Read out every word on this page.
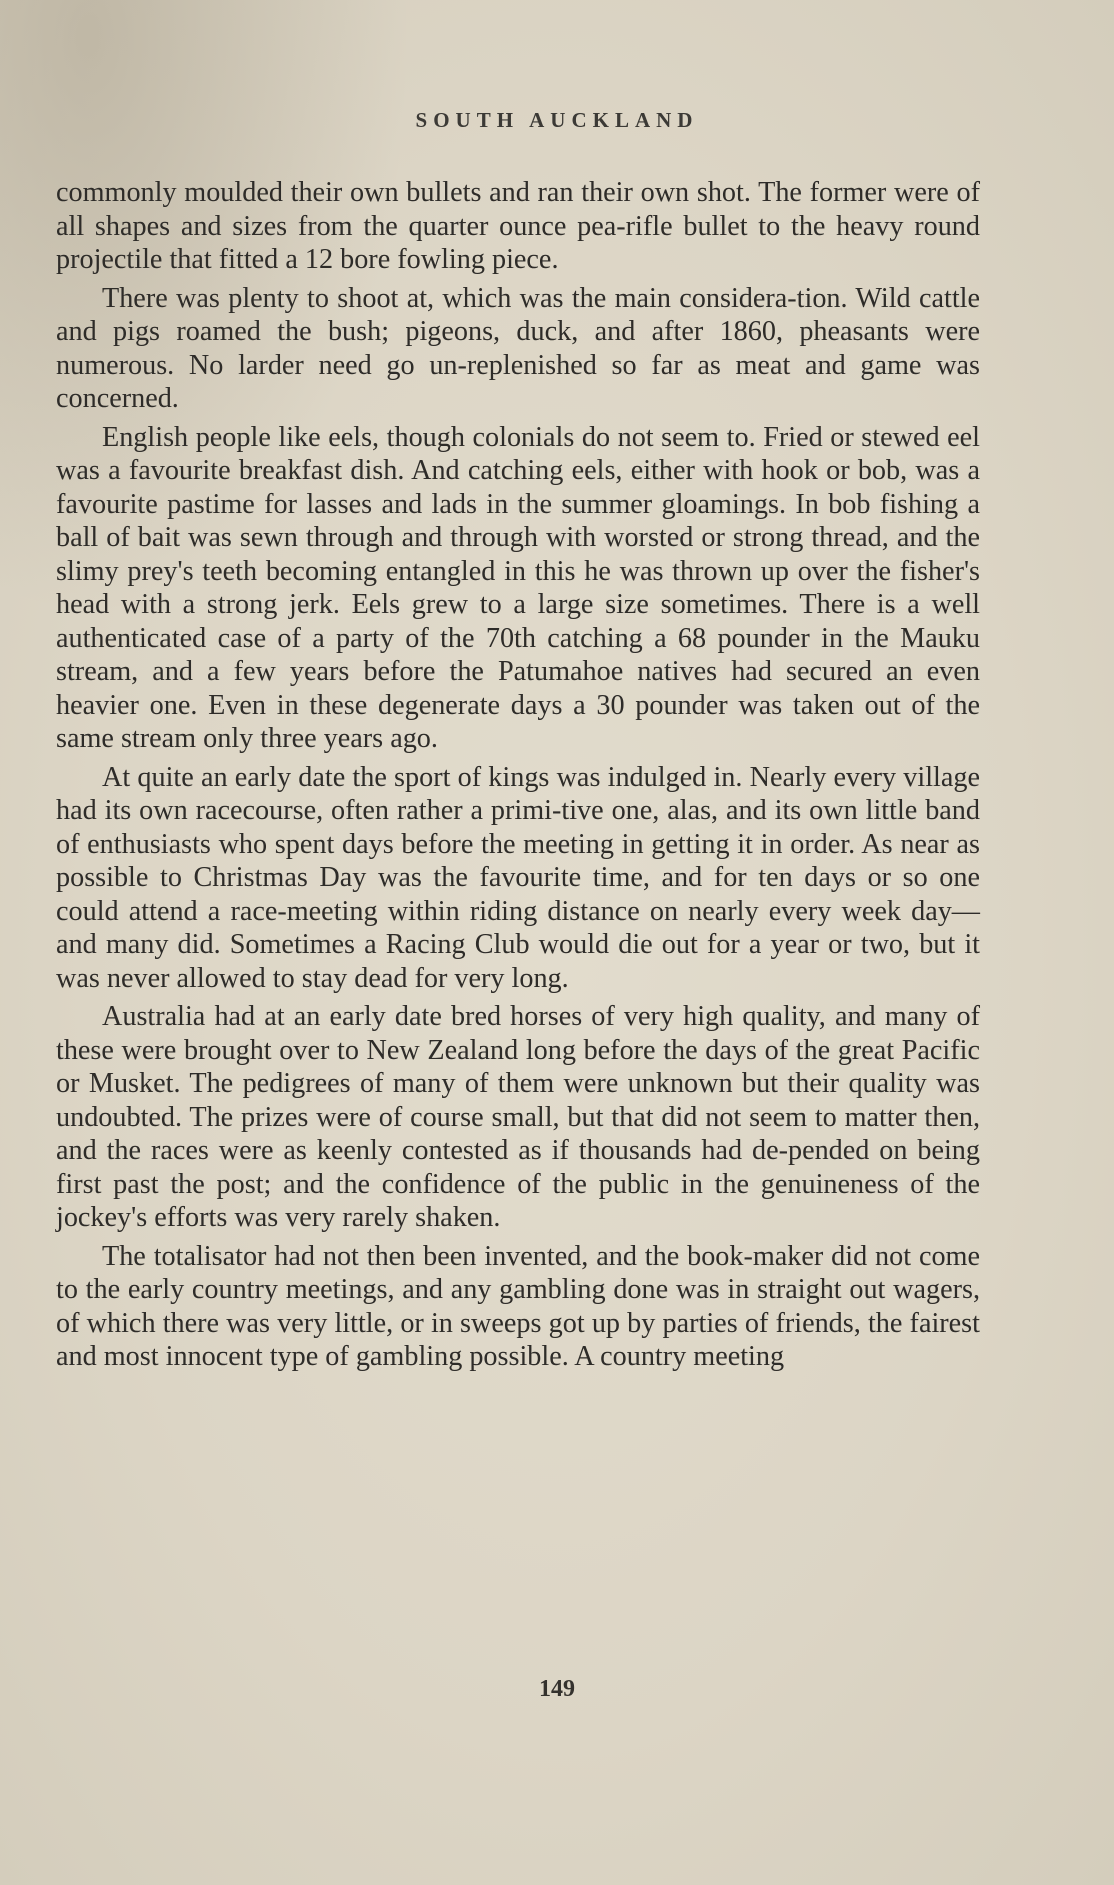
SOUTH AUCKLAND

commonly moulded their own bullets and ran their own shot. The former were of all shapes and sizes from the quarter ounce pea-rifle bullet to the heavy round projectile that fitted a 12 bore fowling piece.

There was plenty to shoot at, which was the main considera-tion. Wild cattle and pigs roamed the bush; pigeons, duck, and after 1860, pheasants were numerous. No larder need go un-replenished so far as meat and game was concerned.

English people like eels, though colonials do not seem to. Fried or stewed eel was a favourite breakfast dish. And catching eels, either with hook or bob, was a favourite pastime for lasses and lads in the summer gloamings. In bob fishing a ball of bait was sewn through and through with worsted or strong thread, and the slimy prey's teeth becoming entangled in this he was thrown up over the fisher's head with a strong jerk. Eels grew to a large size sometimes. There is a well authenticated case of a party of the 70th catching a 68 pounder in the Mauku stream, and a few years before the Patumahoe natives had secured an even heavier one. Even in these degenerate days a 30 pounder was taken out of the same stream only three years ago.

At quite an early date the sport of kings was indulged in. Nearly every village had its own racecourse, often rather a primi-tive one, alas, and its own little band of enthusiasts who spent days before the meeting in getting it in order. As near as possible to Christmas Day was the favourite time, and for ten days or so one could attend a race-meeting within riding distance on nearly every week day—and many did. Sometimes a Racing Club would die out for a year or two, but it was never allowed to stay dead for very long.

Australia had at an early date bred horses of very high quality, and many of these were brought over to New Zealand long before the days of the great Pacific or Musket. The pedigrees of many of them were unknown but their quality was undoubted. The prizes were of course small, but that did not seem to matter then, and the races were as keenly contested as if thousands had de-pended on being first past the post; and the confidence of the public in the genuineness of the jockey's efforts was very rarely shaken.

The totalisator had not then been invented, and the book-maker did not come to the early country meetings, and any gambling done was in straight out wagers, of which there was very little, or in sweeps got up by parties of friends, the fairest and most innocent type of gambling possible. A country meeting

149
